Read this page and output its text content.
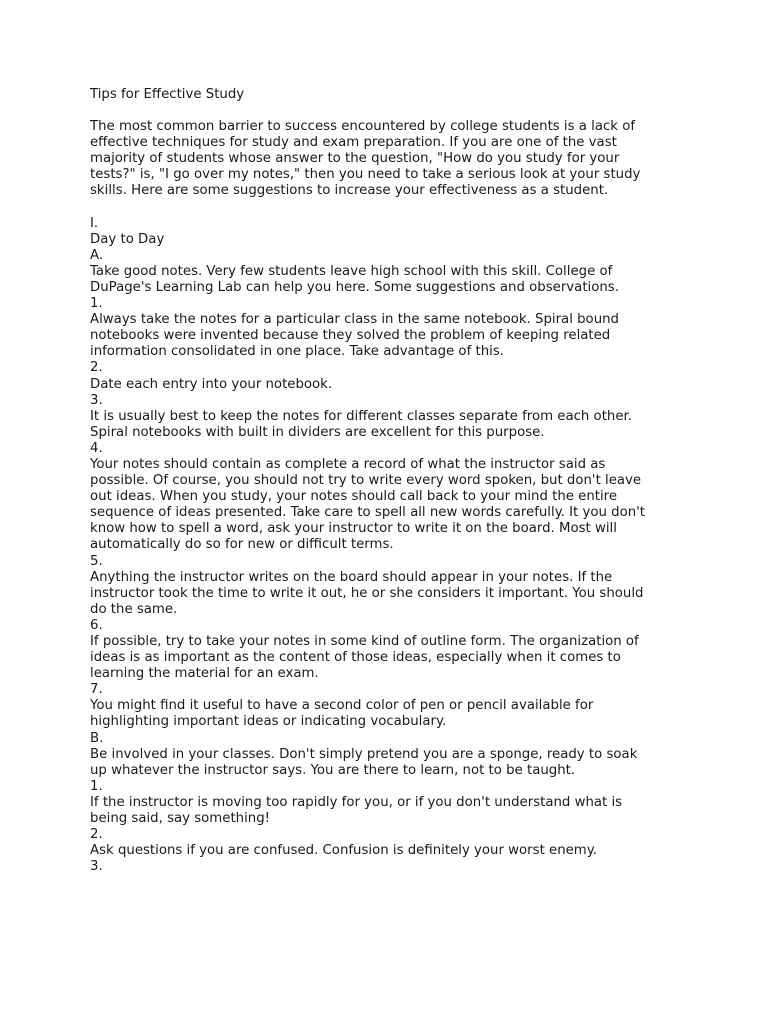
Tips for Effective Study
The most common barrier to success encountered by college students is a lack of
effective techniques for study and exam preparation. If you are one of the vast
majority of students whose answer to the question, "How do you study for your
tests?" is, "I go over my notes," then you need to take a serious look at your study
skills. Here are some suggestions to increase your effectiveness as a student.

I.

Day to Day

A.

Take good notes. Very few students leave high school with this skill. College of

DuPage's Learning Lab can help you here. Some suggestions and observations.

1.

Always take the notes for a particular class in the same notebook. Spiral bound

notebooks were invented because they solved the problem of keeping related

information consolidated in one place. Take advantage of this.

2.

Date each entry into your notebook.

3.

It is usually best to keep the notes for different classes separate from each other.

Spiral notebooks with built in dividers are excellent for this purpose.

4.

Your notes should contain as complete a record of what the instructor said as

possible. Of course, you should not try to write every word spoken, but don't leave

out ideas. When you study, your notes should call back to your mind the entire

sequence of ideas presented. Take care to spell all new words carefully. It you don't

know how to spell a word, ask your instructor to write it on the board. Most will

automatically do so for new or difficult terms.

5.

Anything the instructor writes on the board should appear in your notes. If the

instructor took the time to write it out, he or she considers it important. You should

do the same.

6.

If possible, try to take your notes in some kind of outline form. The organization of

ideas is as important as the content of those ideas, especially when it comes to

learning the material for an exam.

7.

You might find it useful to have a second color of pen or pencil available for

highlighting important ideas or indicating vocabulary.

B.

Be involved in your classes. Don't simply pretend you are a sponge, ready to soak

up whatever the instructor says. You are there to learn, not to be taught.

1.

If the instructor is moving too rapidly for you, or if you don't understand what is

being said, say something!

2.

Ask questions if you are confused. Confusion is definitely your worst enemy.

3.
